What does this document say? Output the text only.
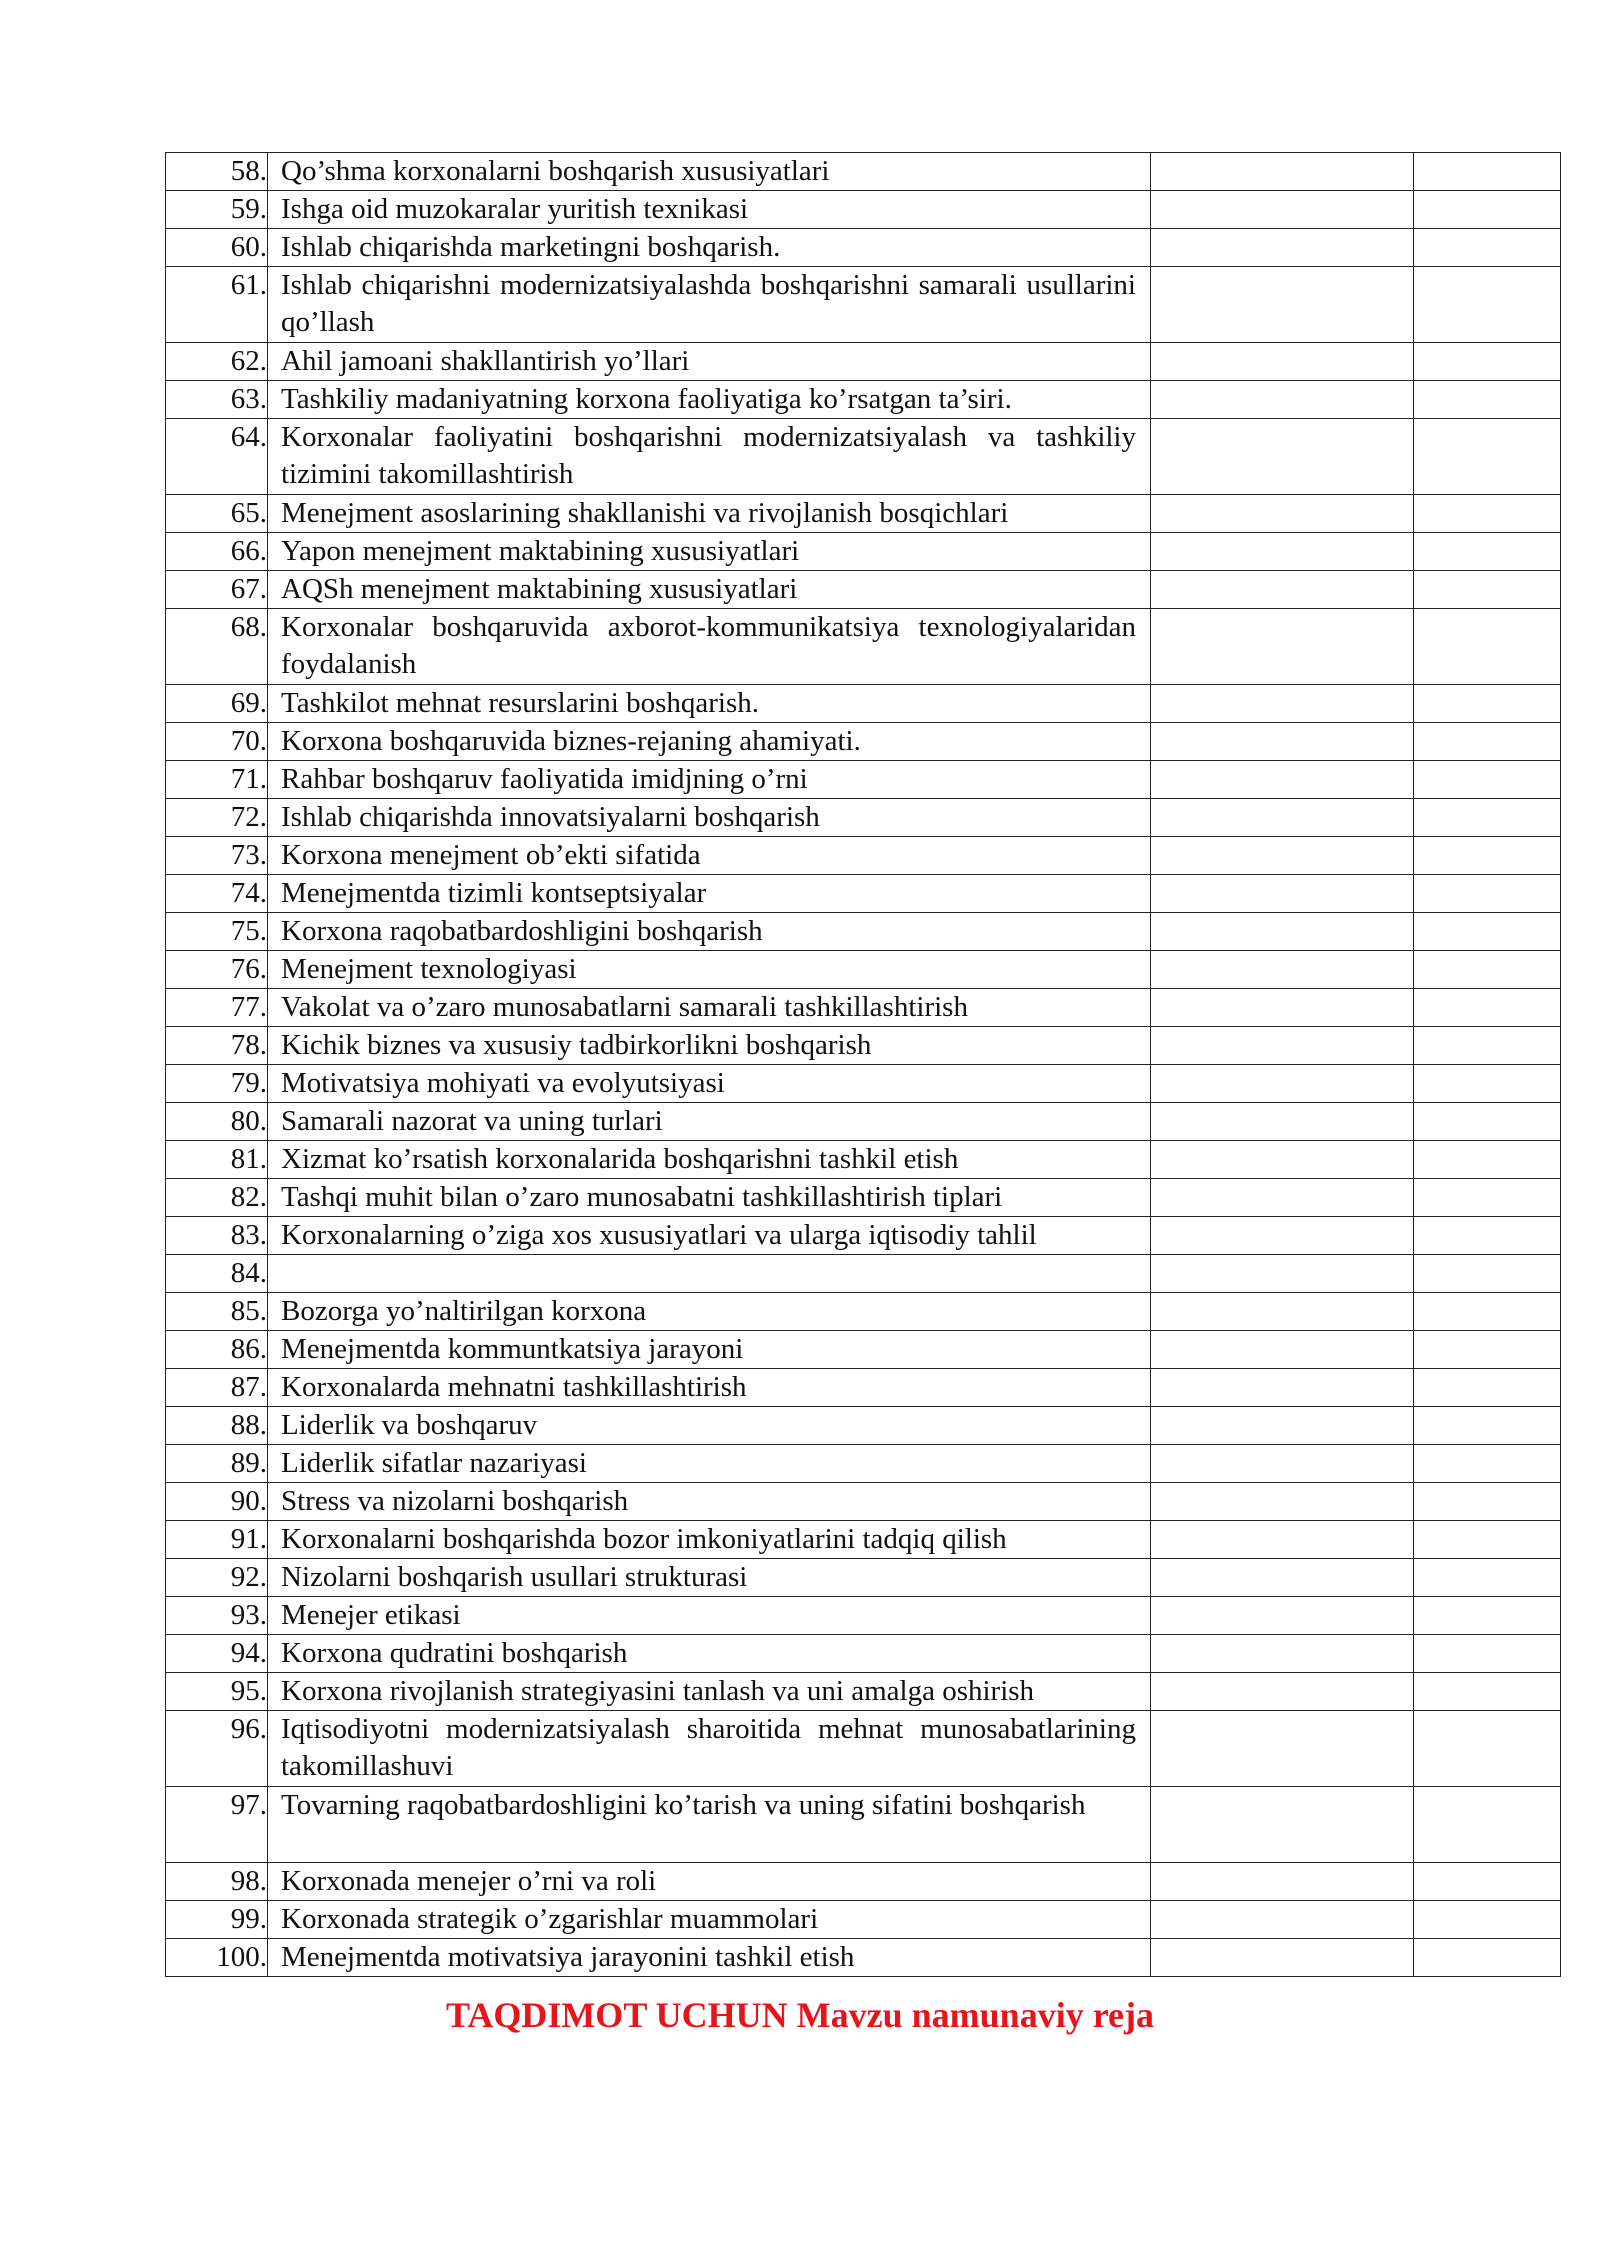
58.	Qo’shma korxonalarni boshqarish xususiyatlari		
59.	Ishga oid muzokaralar yuritish texnikasi		
60.	Ishlab chiqarishda marketingni boshqarish.		
61.	Ishlab chiqarishni modernizatsiyalashda boshqarishni samarali usullarini qo’llash		
62.	Ahil jamoani shakllantirish yo’llari		
63.	Tashkiliy madaniyatning korxona faoliyatiga ko’rsatgan ta’siri.		
64.	Korxonalar faoliyatini boshqarishni modernizatsiyalash va tashkiliy tizimini takomillashtirish		
65.	Menejment asoslarining shakllanishi va rivojlanish bosqichlari		
66.	Yapon menejment maktabining xususiyatlari		
67.	AQSh menejment maktabining xususiyatlari		
68.	Korxonalar boshqaruvida axborot-kommunikatsiya texnologiyalaridan foydalanish		
69.	Tashkilot mehnat resurslarini boshqarish.		
70.	Korxona boshqaruvida biznes-rejaning ahamiyati.		
71.	Rahbar boshqaruv faoliyatida imidjning o’rni		
72.	Ishlab chiqarishda innovatsiyalarni boshqarish		
73.	Korxona menejment ob’ekti sifatida		
74.	Menejmentda tizimli kontseptsiyalar		
75.	Korxona raqobatbardoshligini boshqarish		
76.	Menejment texnologiyasi		
77.	Vakolat va o’zaro munosabatlarni samarali tashkillashtirish		
78.	Kichik biznes va xususiy tadbirkorlikni boshqarish		
79.	Motivatsiya mohiyati va evolyutsiyasi		
80.	Samarali nazorat va uning turlari		
81.	Xizmat ko’rsatish korxonalarida boshqarishni tashkil etish		
82.	Tashqi muhit bilan o’zaro munosabatni tashkillashtirish tiplari		
83.	Korxonalarning o’ziga xos xususiyatlari va ularga iqtisodiy tahlil		
84.			
85.	Bozorga yo’naltirilgan korxona		
86.	Menejmentda kommuntkatsiya jarayoni		
87.	Korxonalarda mehnatni tashkillashtirish		
88.	Liderlik va boshqaruv		
89.	Liderlik sifatlar nazariyasi		
90.	Stress va nizolarni boshqarish		
91.	Korxonalarni boshqarishda bozor imkoniyatlarini tadqiq qilish		
92.	Nizolarni boshqarish usullari strukturasi		
93.	Menejer etikasi		
94.	Korxona qudratini boshqarish		
95.	Korxona rivojlanish strategiyasini tanlash va uni amalga oshirish		
96.	Iqtisodiyotni modernizatsiyalash sharoitida mehnat munosabatlarining takomillashuvi		
97.	Tovarning raqobatbardoshligini ko’tarish va uning sifatini boshqarish		
98.	Korxonada menejer o’rni va roli		
99.	Korxonada strategik o’zgarishlar muammolari		
100.	Menejmentda motivatsiya jarayonini tashkil etish		
TAQDIMOT UCHUN Mavzu namunaviy reja
